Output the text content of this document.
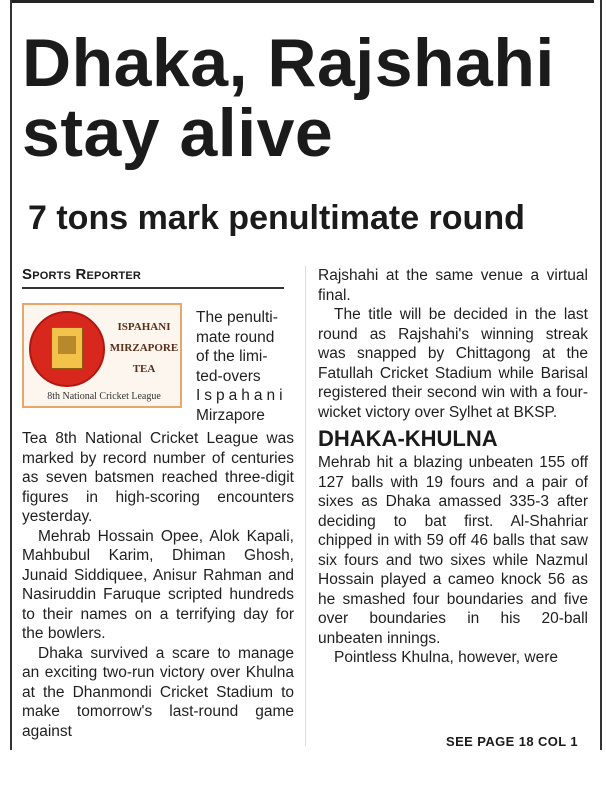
Dhaka, Rajshahi
stay alive
7 tons mark penultimate round
Sports Reporter
ISPAHANI
MIRZAPORE
TEA
8th National Cricket League
The penulti-
mate round
of the limi-
ted-overs
Ispahani
Mirzapore

Tea 8th National Cricket League was marked by record number of centuries as seven batsmen reached three-digit figures in high-scoring encounters yesterday.

Mehrab Hossain Opee, Alok Kapali, Mahbubul Karim, Dhiman Ghosh, Junaid Siddiquee, Anisur Rahman and Nasiruddin Faruque scripted hundreds to their names on a terrifying day for the bowlers.

Dhaka survived a scare to manage an exciting two-run victory over Khulna at the Dhanmondi Cricket Stadium to make tomorrow's last-round game against

Rajshahi at the same venue a virtual final.

The title will be decided in the last round as Rajshahi's winning streak was snapped by Chittagong at the Fatullah Cricket Stadium while Barisal registered their second win with a four-wicket victory over Sylhet at BKSP.

DHAKA-KHULNA

Mehrab hit a blazing unbeaten 155 off 127 balls with 19 fours and a pair of sixes as Dhaka amassed 335-3 after deciding to bat first. Al-Shahriar chipped in with 59 off 46 balls that saw six fours and two sixes while Nazmul Hossain played a cameo knock 56 as he smashed four boundaries and five over boundaries in his 20-ball unbeaten innings.

Pointless Khulna, however, were

SEE PAGE 18 COL 1
